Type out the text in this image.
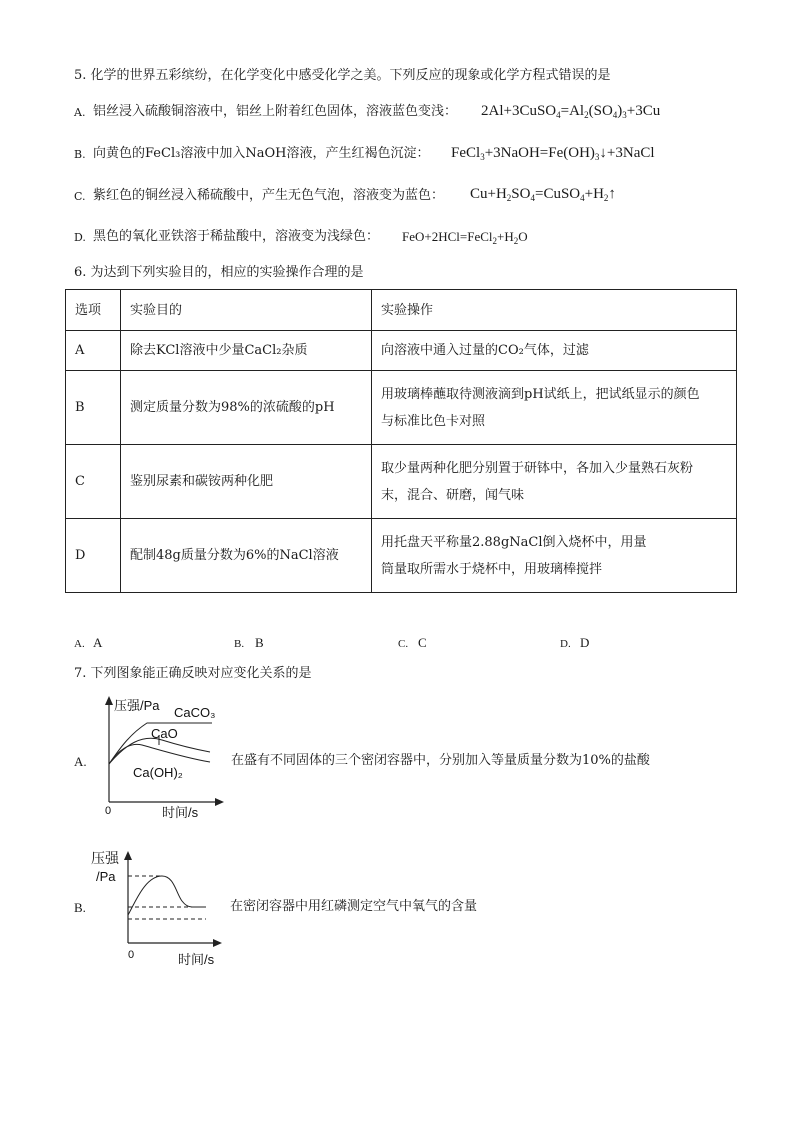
5. 化学的世界五彩缤纷，在化学变化中感受化学之美。下列反应的现象或化学方程式错误的是
A. 铝丝浸入硫酸铜溶液中，铝丝上附着红色固体，溶液蓝色变浅： $2Al+3CuSO_4=Al_2(SO_4)_3+3Cu$
B. 向黄色的FeCl₃溶液中加入NaOH溶液，产生红褐色沉淀： $FeCl_3+3NaOH=Fe(OH)_3↓+3NaCl$
C. 紫红色的铜丝浸入稀硫酸中，产生无色气泡，溶液变为蓝色： $Cu+H_2SO_4=CuSO_4+H_2↑$
D. 黑色的氧化亚铁溶于稀盐酸中，溶液变为浅绿色： $FeO+2HCl=FeCl_2+H_2O$
6. 为达到下列实验目的，相应的实验操作合理的是
选项	实验目的	实验操作
A	除去KCl溶液中少量CaCl₂杂质	向溶液中通入过量的CO₂气体，过滤

B	测定质量分数为98%的浓硫酸的pH	用玻璃棒蘸取待测液滴到pH试纸上，把试纸显示的颜色
与标准比色卡对照

C	鉴别尿素和碳铵两种化肥	取少量两种化肥分别置于研钵中，各加入少量熟石灰粉
末，混合、研磨，闻气味

D	配制48g质量分数为6%的NaCl溶液	用托盘天平称量2.88gNaCl倒入烧杯中，用量
筒量取所需水于烧杯中，用玻璃棒搅拌
A. A	B. B	C. C	D. D
7. 下列图象能正确反映对应变化关系的是
A.
压强/Pa CaCO₃
CaO
Ca(OH)₂
0	时间/s
在盛有不同固体的三个密闭容器中，分别加入等量质量分数为10%的盐酸
B.
压强
/Pa
0	时间/s
在密闭容器中用红磷测定空气中氧气的含量
